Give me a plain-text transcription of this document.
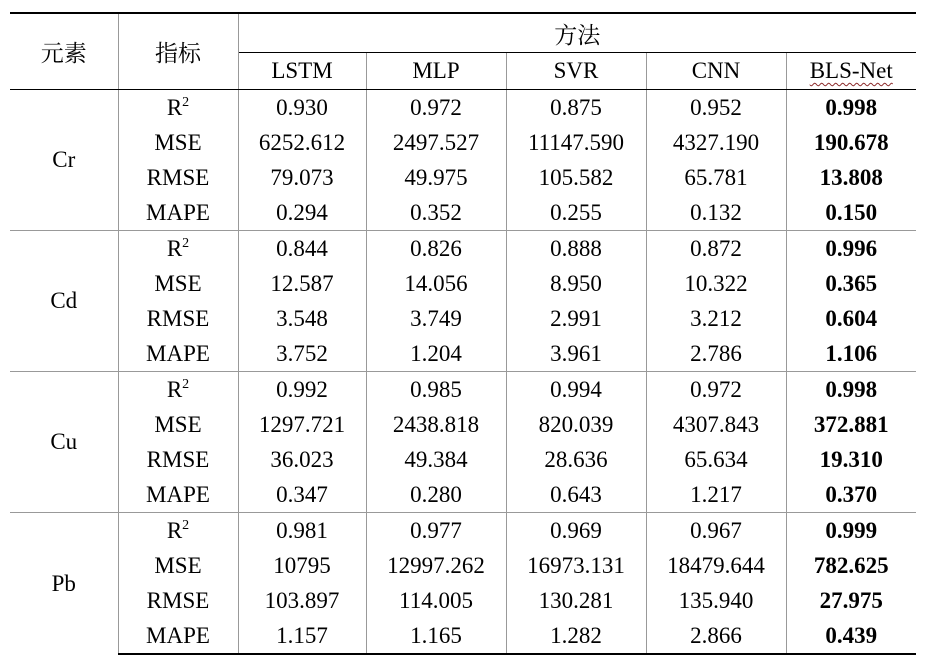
元素	指标	方法				
		LSTM	MLP	SVR	CNN	BLS-Net
Cr	$R^2$	0.930	0.972	0.875	0.952	0.998
	MSE	6252.612	2497.527	11147.590	4327.190	190.678
	RMSE	79.073	49.975	105.582	65.781	13.808
	MAPE	0.294	0.352	0.255	0.132	0.150
Cd	$R^2$	0.844	0.826	0.888	0.872	0.996
	MSE	12.587	14.056	8.950	10.322	0.365
	RMSE	3.548	3.749	2.991	3.212	0.604
	MAPE	3.752	1.204	3.961	2.786	1.106
Cu	$R^2$	0.992	0.985	0.994	0.972	0.998
	MSE	1297.721	2438.818	820.039	4307.843	372.881
	RMSE	36.023	49.384	28.636	65.634	19.310
	MAPE	0.347	0.280	0.643	1.217	0.370
Pb	$R^2$	0.981	0.977	0.969	0.967	0.999
	MSE	10795	12997.262	16973.131	18479.644	782.625
	RMSE	103.897	114.005	130.281	135.940	27.975
	MAPE	1.157	1.165	1.282	2.866	0.439
